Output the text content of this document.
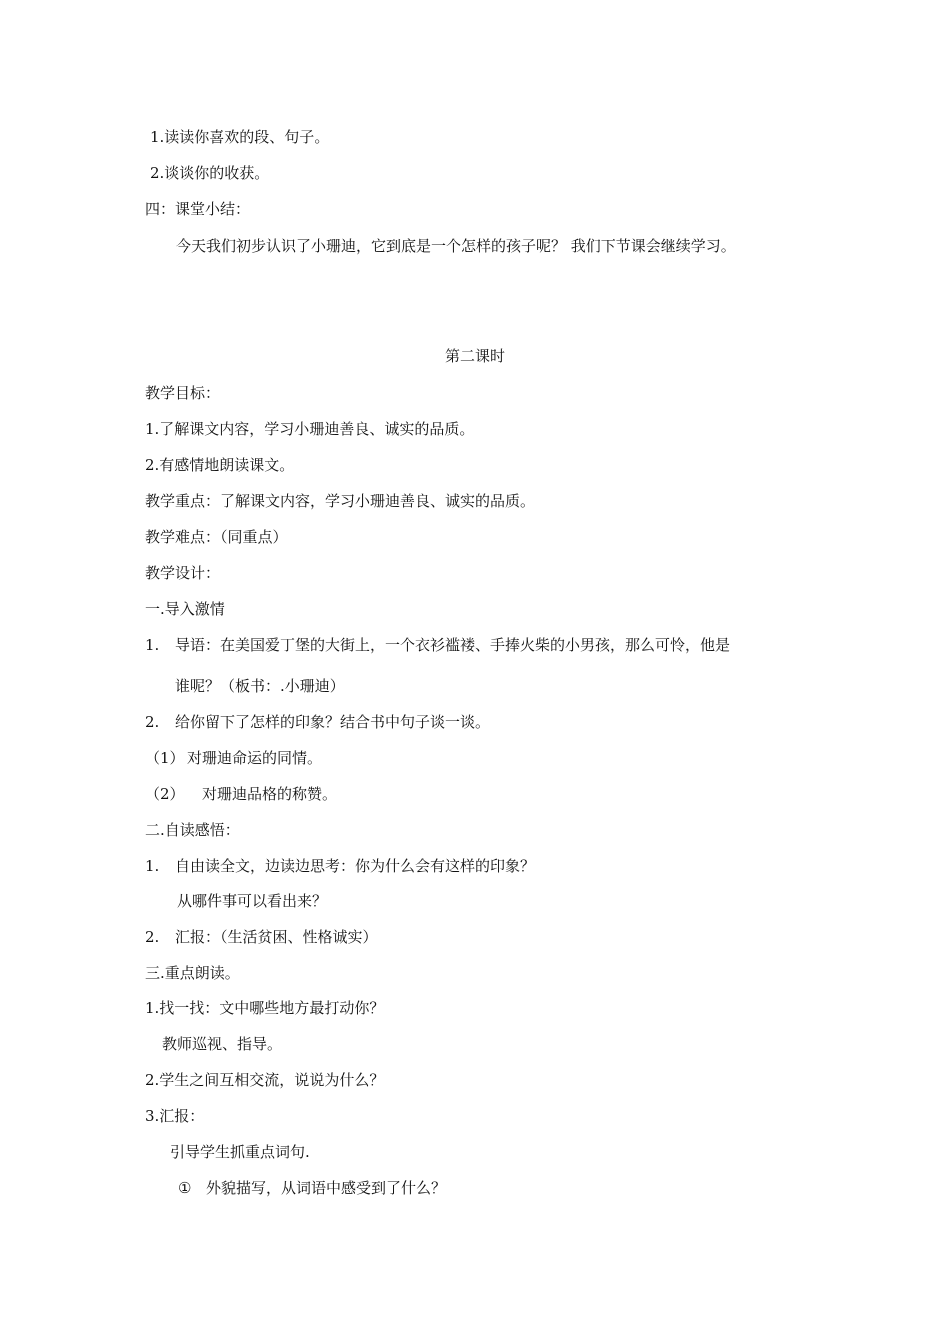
1.读读你喜欢的段、句子。
2.谈谈你的收获。
四：课堂小结：
今天我们初步认识了小珊迪，它到底是一个怎样的孩子呢？ 我们下节课会继续学习。
第二课时
教学目标：
1.了解课文内容，学习小珊迪善良、诚实的品质。
2.有感情地朗读课文。
教学重点：了解课文内容，学习小珊迪善良、诚实的品质。
教学难点：（同重点）
教学设计：
一.导入激情
1. 导语：在美国爱丁堡的大街上，一个衣衫褴褛、手捧火柴的小男孩，那么可怜，他是
谁呢？（板书：.小珊迪）
2. 给你留下了怎样的印象？结合书中句子谈一谈。
（1） 对珊迪命运的同情。
（2） 对珊迪品格的称赞。
二.自读感悟：
1. 自由读全文，边读边思考：你为什么会有这样的印象？
从哪件事可以看出来？
2. 汇报：（生活贫困、性格诚实）
三.重点朗读。
1.找一找：文中哪些地方最打动你？
教师巡视、指导。
2.学生之间互相交流，说说为什么？
3.汇报：
引导学生抓重点词句.
① 外貌描写，从词语中感受到了什么？
